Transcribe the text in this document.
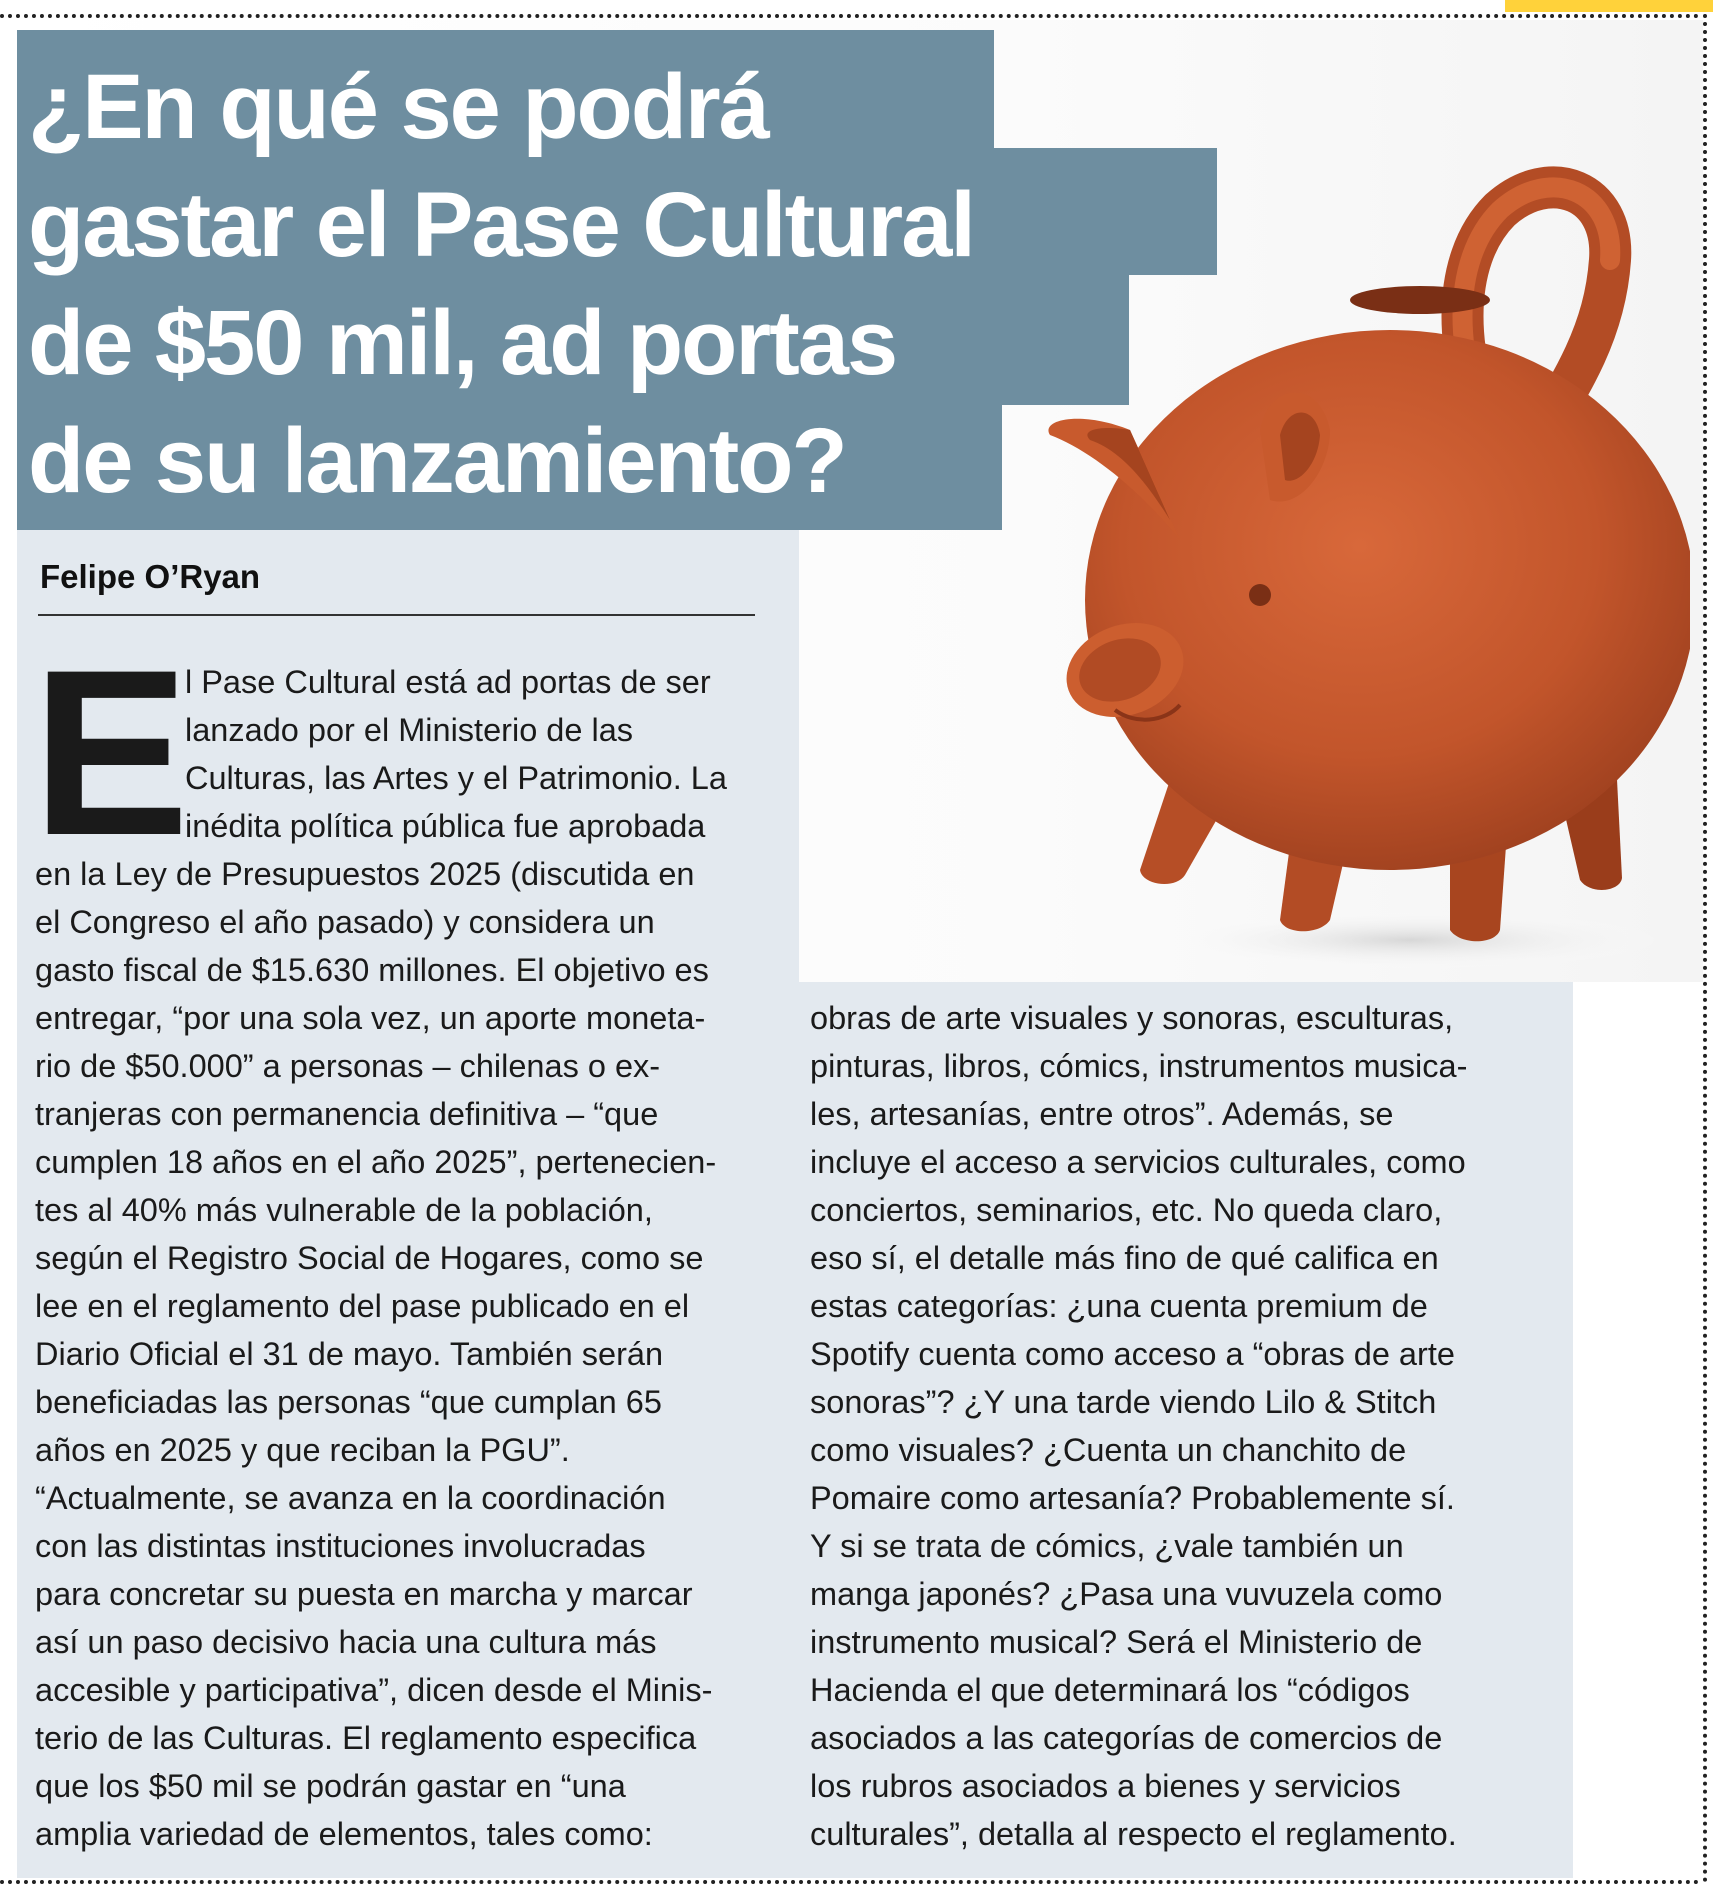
¿En qué se podrá
gastar el Pase Cultural
de $50 mil, ad portas
de su lanzamiento?
Felipe O’Ryan
E l Pase Cultural está ad portas de ser
lanzado por el Ministerio de las
Culturas, las Artes y el Patrimonio. La
inédita política pública fue aprobada
en la Ley de Presupuestos 2025 (discutida en
el Congreso el año pasado) y considera un
gasto fiscal de $15.630 millones. El objetivo es
entregar, “por una sola vez, un aporte moneta-
rio de $50.000” a personas – chilenas o ex-
tranjeras con permanencia definitiva – “que
cumplen 18 años en el año 2025”, pertenecien-
tes al 40% más vulnerable de la población,
según el Registro Social de Hogares, como se
lee en el reglamento del pase publicado en el
Diario Oficial el 31 de mayo. También serán
beneficiadas las personas “que cumplan 65
años en 2025 y que reciban la PGU”.
“Actualmente, se avanza en la coordinación
con las distintas instituciones involucradas
para concretar su puesta en marcha y marcar
así un paso decisivo hacia una cultura más
accesible y participativa”, dicen desde el Minis-
terio de las Culturas. El reglamento especifica
que los $50 mil se podrán gastar en “una
amplia variedad de elementos, tales como:
obras de arte visuales y sonoras, esculturas,
pinturas, libros, cómics, instrumentos musica-
les, artesanías, entre otros”. Además, se
incluye el acceso a servicios culturales, como
conciertos, seminarios, etc. No queda claro,
eso sí, el detalle más fino de qué califica en
estas categorías: ¿una cuenta premium de
Spotify cuenta como acceso a “obras de arte
sonoras”? ¿Y una tarde viendo Lilo & Stitch
como visuales? ¿Cuenta un chanchito de
Pomaire como artesanía? Probablemente sí.
Y si se trata de cómics, ¿vale también un
manga japonés? ¿Pasa una vuvuzela como
instrumento musical? Será el Ministerio de
Hacienda el que determinará los “códigos
asociados a las categorías de comercios de
los rubros asociados a bienes y servicios
culturales”, detalla al respecto el reglamento.
